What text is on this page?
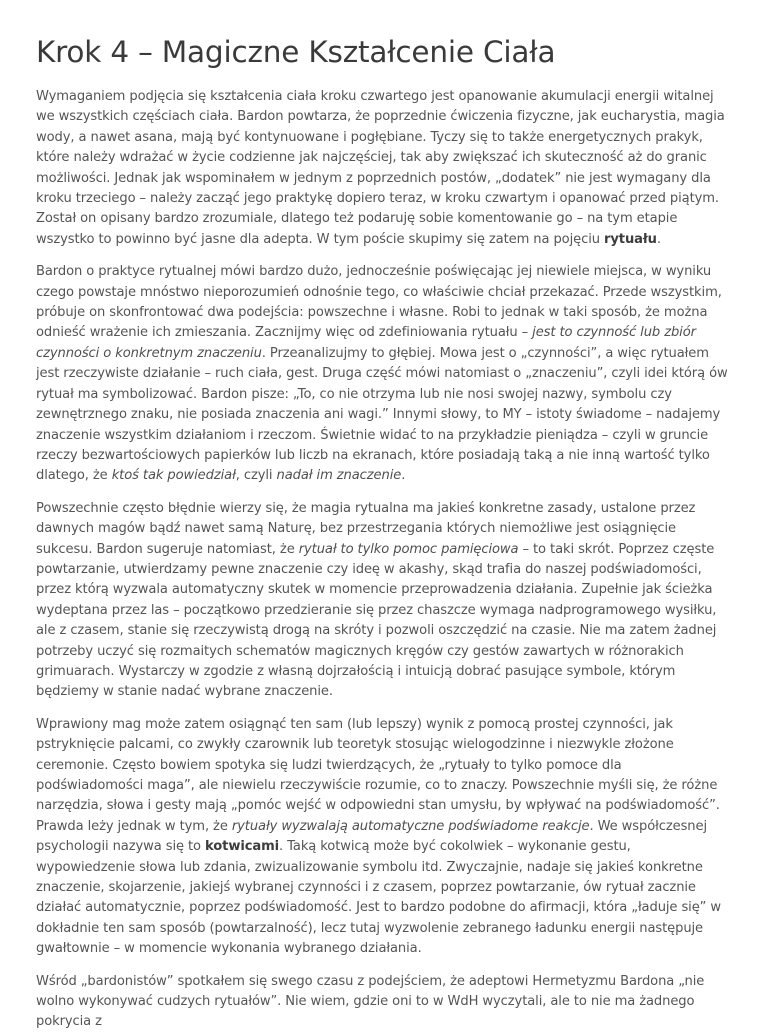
Krok 4 – Magiczne Kształcenie Ciała

Wymaganiem podjęcia się kształcenia ciała kroku czwartego jest opanowanie akumulacji energii witalnej we wszystkich częściach ciała. Bardon powtarza, że poprzednie ćwiczenia fizyczne, jak eucharystia, magia wody, a nawet asana, mają być kontynuowane i pogłębiane. Tyczy się to także energetycznych prakyk, które należy wdrażać w życie codzienne jak najczęściej, tak aby zwiększać ich skuteczność aż do granic możliwości. Jednak jak wspominałem w jednym z poprzednich postów, „dodatek” nie jest wymagany dla kroku trzeciego – należy zacząć jego praktykę dopiero teraz, w kroku czwartym i opanować przed piątym. Został on opisany bardzo zrozumiale, dlatego też podaruję sobie komentowanie go – na tym etapie wszystko to powinno być jasne dla adepta. W tym poście skupimy się zatem na pojęciu rytuału.

Bardon o praktyce rytualnej mówi bardzo dużo, jednocześnie poświęcając jej niewiele miejsca, w wyniku czego powstaje mnóstwo nieporozumień odnośnie tego, co właściwie chciał przekazać. Przede wszystkim, próbuje on skonfrontować dwa podejścia: powszechne i własne. Robi to jednak w taki sposób, że można odnieść wrażenie ich zmieszania. Zacznijmy więc od zdefiniowania rytuału – jest to czynność lub zbiór czynności o konkretnym znaczeniu. Przeanalizujmy to głębiej. Mowa jest o „czynności”, a więc rytuałem jest rzeczywiste działanie – ruch ciała, gest. Druga część mówi natomiast o „znaczeniu”, czyli idei którą ów rytuał ma symbolizować. Bardon pisze: „To, co nie otrzyma lub nie nosi swojej nazwy, symbolu czy zewnętrznego znaku, nie posiada znaczenia ani wagi.” Innymi słowy, to MY – istoty świadome – nadajemy znaczenie wszystkim działaniom i rzeczom. Świetnie widać to na przykładzie pieniądza – czyli w gruncie rzeczy bezwartościowych papierków lub liczb na ekranach, które posiadają taką a nie inną wartość tylko dlatego, że ktoś tak powiedział, czyli nadał im znaczenie.

Powszechnie często błędnie wierzy się, że magia rytualna ma jakieś konkretne zasady, ustalone przez dawnych magów bądź nawet samą Naturę, bez przestrzegania których niemożliwe jest osiągnięcie sukcesu. Bardon sugeruje natomiast, że rytuał to tylko pomoc pamięciowa – to taki skrót. Poprzez częste powtarzanie, utwierdzamy pewne znaczenie czy ideę w akashy, skąd trafia do naszej podświadomości, przez którą wyzwala automatyczny skutek w momencie przeprowadzenia działania. Zupełnie jak ścieżka wydeptana przez las – początkowo przedzieranie się przez chaszcze wymaga nadprogramowego wysiłku, ale z czasem, stanie się rzeczywistą drogą na skróty i pozwoli oszczędzić na czasie. Nie ma zatem żadnej potrzeby uczyć się rozmaitych schematów magicznych kręgów czy gestów zawartych w różnorakich grimuarach. Wystarczy w zgodzie z własną dojrzałością i intuicją dobrać pasujące symbole, którym będziemy w stanie nadać wybrane znaczenie.

Wprawiony mag może zatem osiągnąć ten sam (lub lepszy) wynik z pomocą prostej czynności, jak pstryknięcie palcami, co zwykły czarownik lub teoretyk stosując wielogodzinne i niezwykle złożone ceremonie. Często bowiem spotyka się ludzi twierdzących, że „rytuały to tylko pomoce dla podświadomości maga”, ale niewielu rzeczywiście rozumie, co to znaczy. Powszechnie myśli się, że różne narzędzia, słowa i gesty mają „pomóc wejść w odpowiedni stan umysłu, by wpływać na podświadomość”. Prawda leży jednak w tym, że rytuały wyzwalają automatyczne podświadome reakcje. We współczesnej psychologii nazywa się to kotwicami. Taką kotwicą może być cokolwiek – wykonanie gestu, wypowiedzenie słowa lub zdania, zwizualizowanie symbolu itd. Zwyczajnie, nadaje się jakieś konkretne znaczenie, skojarzenie, jakiejś wybranej czynności i z czasem, poprzez powtarzanie, ów rytuał zacznie działać automatycznie, poprzez podświadomość. Jest to bardzo podobne do afirmacji, która „ładuje się” w dokładnie ten sam sposób (powtarzalność), lecz tutaj wyzwolenie zebranego ładunku energii następuje gwałtownie – w momencie wykonania wybranego działania.

Wśród „bardonistów” spotkałem się swego czasu z podejściem, że adeptowi Hermetyzmu Bardona „nie wolno wykonywać cudzych rytuałów”. Nie wiem, gdzie oni to w WdH wyczytali, ale to nie ma żadnego pokrycia z
